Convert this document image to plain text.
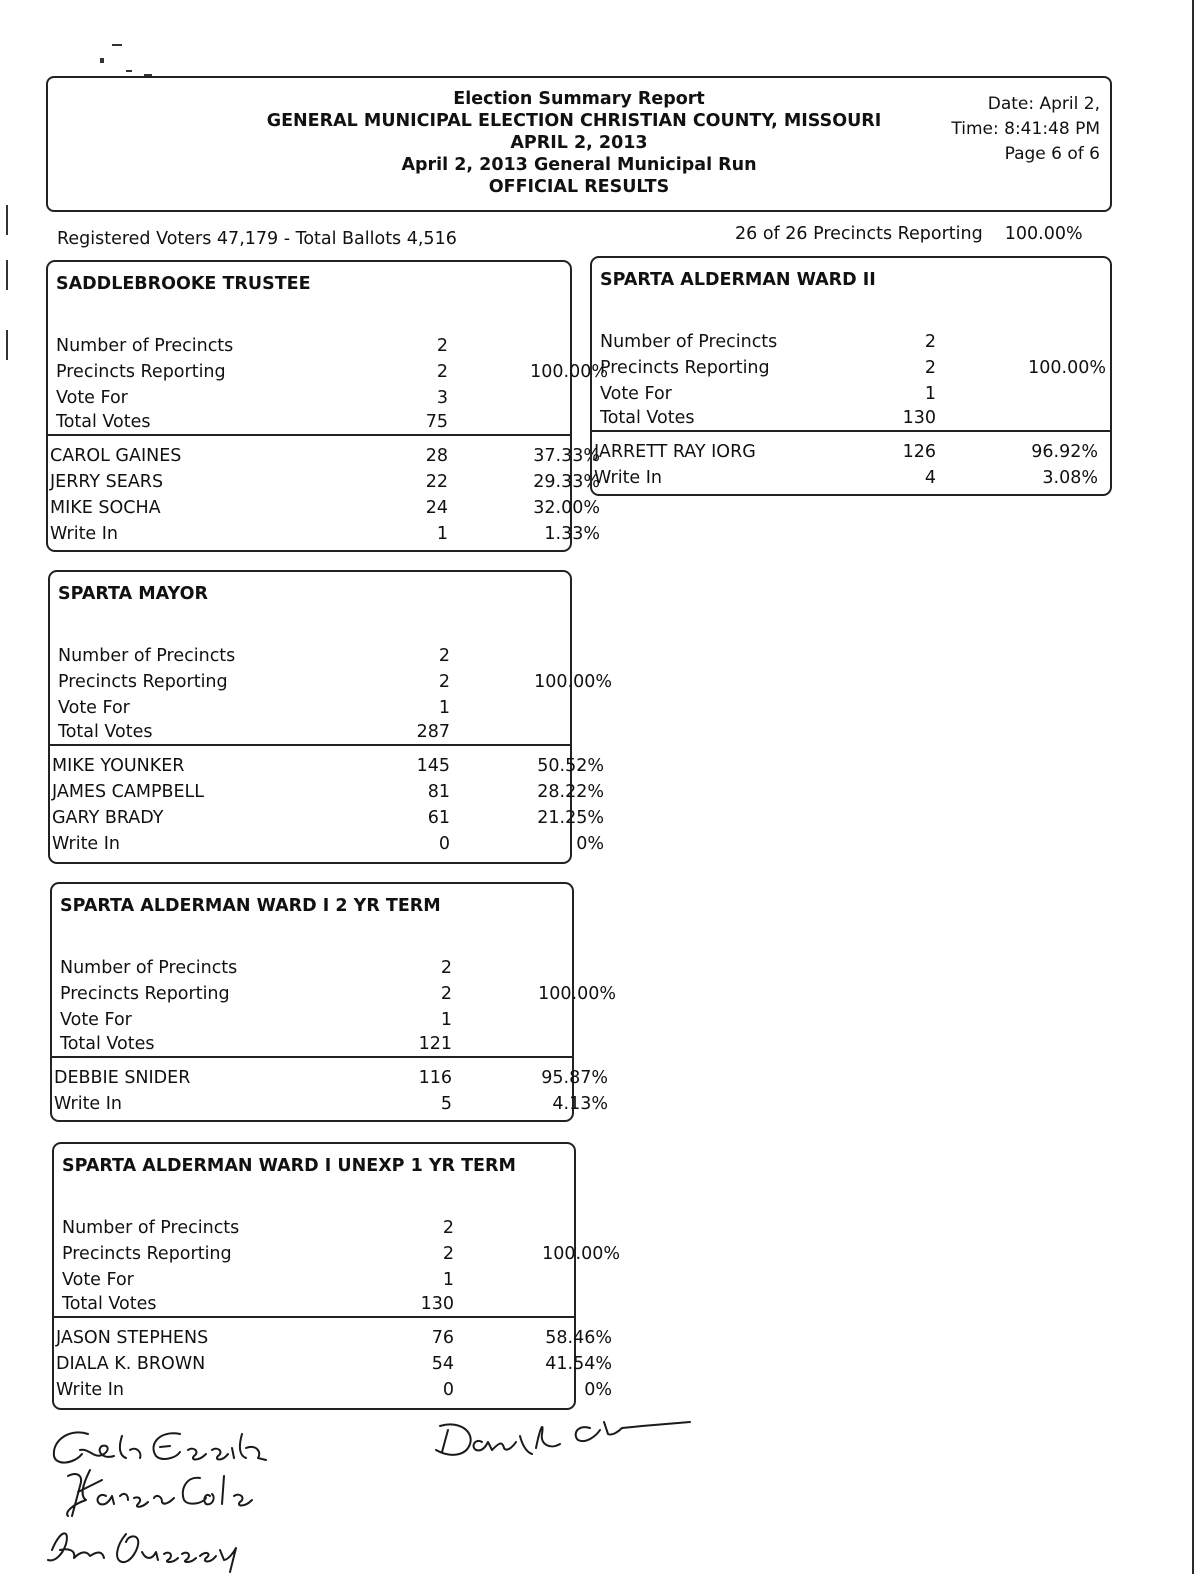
Election Summary Report
GENERAL MUNICIPAL ELECTION CHRISTIAN COUNTY, MISSOURI
APRIL 2, 2013
April 2, 2013 General Municipal Run
OFFICIAL RESULTS
Date: April 2,
Time: 8:41:48 PM
Page 6 of 6
Registered Voters 47,179 - Total Ballots 4,516	26 of 26 Precincts Reporting 100.00%
SADDLEBROOKE TRUSTEE
Number of Precincts	2
Precincts Reporting	2	100.00%
Vote For	3
Total Votes	75
CAROL GAINES	28	37.33%
JERRY SEARS	22	29.33%
MIKE SOCHA	24	32.00%
Write In	1	1.33%
SPARTA MAYOR
Number of Precincts	2
Precincts Reporting	2	100.00%
Vote For	1
Total Votes	287
MIKE YOUNKER	145	50.52%
JAMES CAMPBELL	81	28.22%
GARY BRADY	61	21.25%
Write In	0	0%
SPARTA ALDERMAN WARD I 2 YR TERM
Number of Precincts	2
Precincts Reporting	2	100.00%
Vote For	1
Total Votes	121
DEBBIE SNIDER	116	95.87%
Write In	5	4.13%
SPARTA ALDERMAN WARD I UNEXP 1 YR TERM
Number of Precincts	2
Precincts Reporting	2	100.00%
Vote For	1
Total Votes	130
JASON STEPHENS	76	58.46%
DIALA K. BROWN	54	41.54%
Write In	0	0%
SPARTA ALDERMAN WARD II
Number of Precincts	2
Precincts Reporting	2	100.00%
Vote For	1
Total Votes	130
JARRETT RAY IORG	126	96.92%
Write In	4	3.08%
